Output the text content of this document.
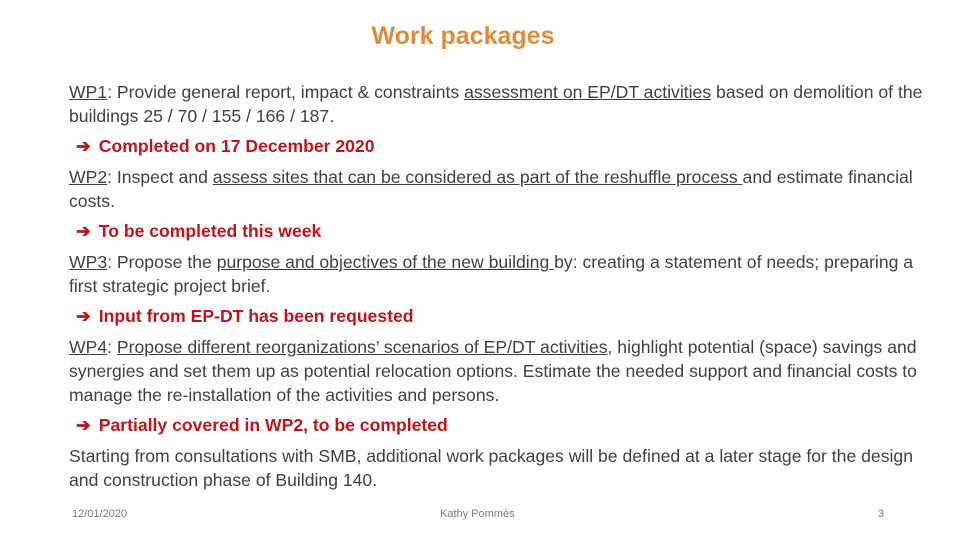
Work packages

WP1: Provide general report, impact & constraints assessment on EP/DT activities based on demolition of the buildings 25 / 70 / 155 / 166 / 187.

➔ Completed on 17 December 2020

WP2: Inspect and assess sites that can be considered as part of the reshuffle process and estimate financial costs.

➔ To be completed this week

WP3: Propose the purpose and objectives of the new building by: creating a statement of needs; preparing a first strategic project brief.

➔ Input from EP-DT has been requested

WP4: Propose different reorganizations’ scenarios of EP/DT activities, highlight potential (space) savings and synergies and set them up as potential relocation options. Estimate the needed support and financial costs to manage the re-installation of the activities and persons.

➔ Partially covered in WP2, to be completed

Starting from consultations with SMB, additional work packages will be defined at a later stage for the design and construction phase of Building 140.

12/01/2020	Kathy Pommès	3
